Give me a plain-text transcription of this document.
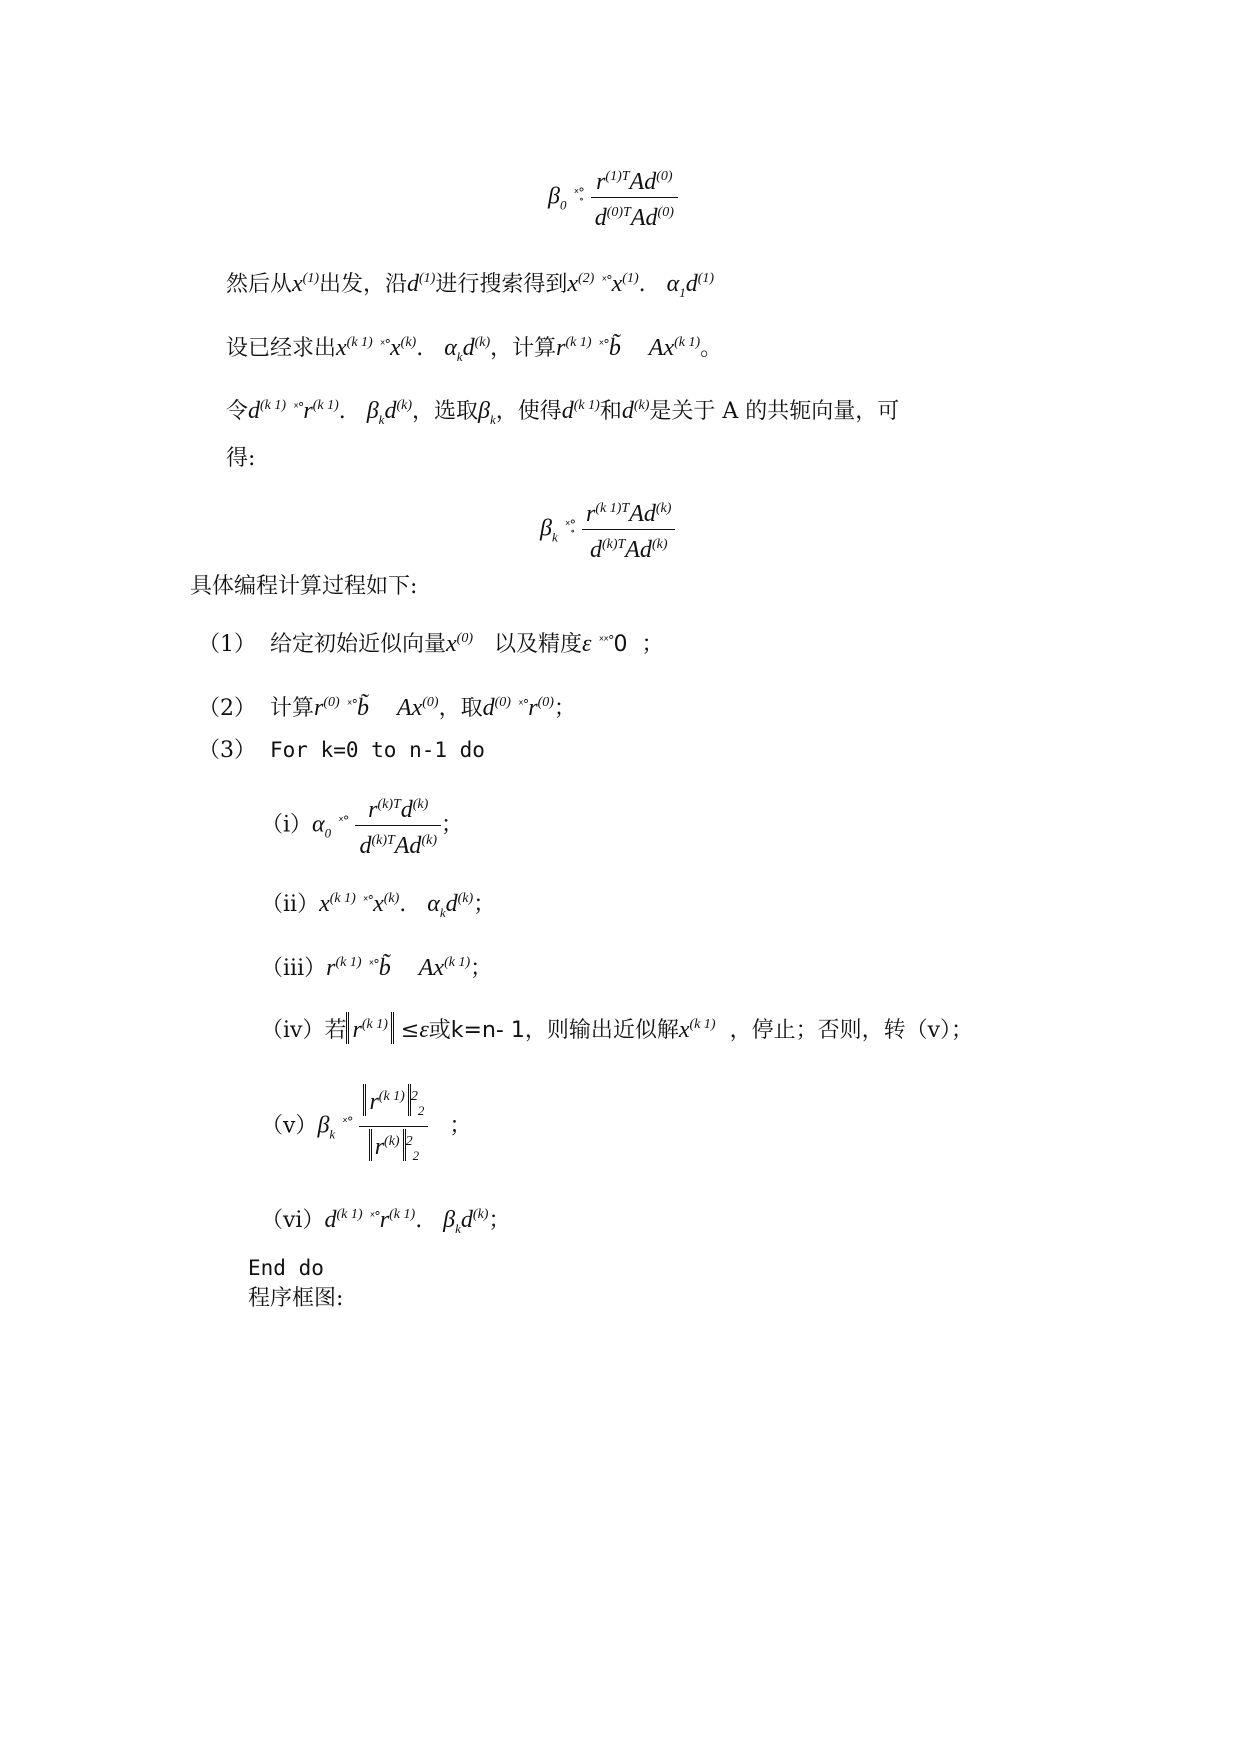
$\beta_0$ $^{ˣ^\circ̥} \frac{r^{(1)T}Ad^{(0)}}{d^{(0)T}Ad^{(0)}}$
然后从$x^{(1)}$出发，沿$d^{(1)}$进行搜索得到$x^{(2)}$ $^{ˣ^\circ}x^{(1)}$. $\alpha_1d^{(1)}$
设已经求出$x^{(k 1)}$ $^{ˣ^\circ}x^{(k)}$. $\alpha_kd^{(k)}$，计算$r^{(k 1)}$ $^{ˣ^\circ}$b̃ $Ax^{(k 1)}$。
令$d^{(k 1)}$ $^{ˣ^\circ}r^{(k 1)}$. $\beta_kd^{(k)}$，选取$\beta_k$，使得$d^{(k 1)}$和$d^{(k)}$是关于 A 的共轭向量，可
得:
$\beta_k$ $^{ˣ^\circ̥} \frac{r^{(k 1)T}Ad^{(k)}}{d^{(k)T}Ad^{(k)}}$
具体编程计算过程如下:
（1） 给定初始近似向量$x^{(0)}$ 以及精度ε $^{ˣˣ^\circ}$0 ；
（2） 计算$r^{(0)}$ $^{ˣ^\circ}$b̃ Ax$^{(0)}$，取$d^{(0)}$ $^{ˣ^\circ}r^{(0)}$；
（3） For k=0 to n-1 do
$(i)\alpha_0$ $^{ˣ^\circ} \frac{r^{(k)T}d^{(k)}}{d^{(k)T}Ad^{(k)}}$ ；
$(ii)x^{(k 1)}$ $^{ˣ^\circ}x^{(k)}$. $\alpha_kd^{(k)}$；
$(iii)r^{(k 1)}$ $^{ˣ^\circ}$b̃ $Ax^{(k 1)}$；
（iv）若 $r^{(k 1)} \le\varepsilon$或k=n- 1，则输出近似解$x^{(k 1)}$ ，停止；否则，转（v）；
$(v)\beta_k$ $^{ˣ^\circ} \frac{r^{(k 1)} ^2_2}{r^{(k)} ^2_2}$ ；
$(vi)d^{(k 1)}$ $^{ˣ^\circ}r^{(k 1)}$. $\beta_kd^{(k)}$；
End do
程序框图:
